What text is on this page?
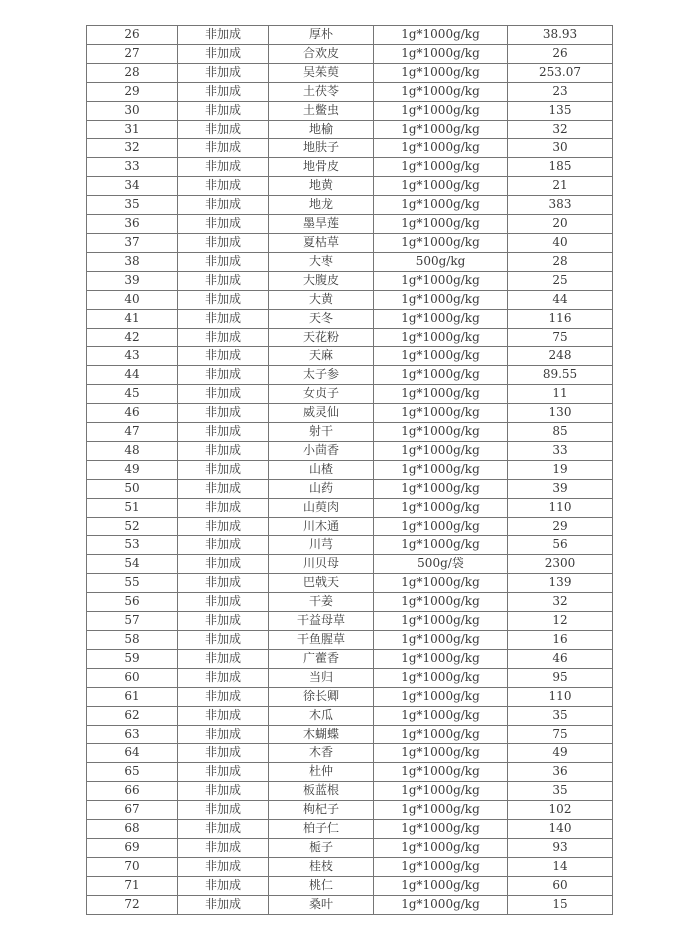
26	非加成	厚朴	1g*1000g/kg	38.93
27	非加成	合欢皮	1g*1000g/kg	26
28	非加成	吴茱萸	1g*1000g/kg	253.07
29	非加成	土茯苓	1g*1000g/kg	23
30	非加成	土鳖虫	1g*1000g/kg	135
31	非加成	地榆	1g*1000g/kg	32
32	非加成	地肤子	1g*1000g/kg	30
33	非加成	地骨皮	1g*1000g/kg	185
34	非加成	地黄	1g*1000g/kg	21
35	非加成	地龙	1g*1000g/kg	383
36	非加成	墨旱莲	1g*1000g/kg	20
37	非加成	夏枯草	1g*1000g/kg	40
38	非加成	大枣	500g/kg	28
39	非加成	大腹皮	1g*1000g/kg	25
40	非加成	大黄	1g*1000g/kg	44
41	非加成	天冬	1g*1000g/kg	116
42	非加成	天花粉	1g*1000g/kg	75
43	非加成	天麻	1g*1000g/kg	248
44	非加成	太子参	1g*1000g/kg	89.55
45	非加成	女贞子	1g*1000g/kg	11
46	非加成	威灵仙	1g*1000g/kg	130
47	非加成	射干	1g*1000g/kg	85
48	非加成	小茴香	1g*1000g/kg	33
49	非加成	山楂	1g*1000g/kg	19
50	非加成	山药	1g*1000g/kg	39
51	非加成	山萸肉	1g*1000g/kg	110
52	非加成	川木通	1g*1000g/kg	29
53	非加成	川芎	1g*1000g/kg	56
54	非加成	川贝母	500g/袋	2300
55	非加成	巴戟天	1g*1000g/kg	139
56	非加成	干姜	1g*1000g/kg	32
57	非加成	干益母草	1g*1000g/kg	12
58	非加成	干鱼腥草	1g*1000g/kg	16
59	非加成	广藿香	1g*1000g/kg	46
60	非加成	当归	1g*1000g/kg	95
61	非加成	徐长卿	1g*1000g/kg	110
62	非加成	木瓜	1g*1000g/kg	35
63	非加成	木蝴蝶	1g*1000g/kg	75
64	非加成	木香	1g*1000g/kg	49
65	非加成	杜仲	1g*1000g/kg	36
66	非加成	板蓝根	1g*1000g/kg	35
67	非加成	枸杞子	1g*1000g/kg	102
68	非加成	柏子仁	1g*1000g/kg	140
69	非加成	栀子	1g*1000g/kg	93
70	非加成	桂枝	1g*1000g/kg	14
71	非加成	桃仁	1g*1000g/kg	60
72	非加成	桑叶	1g*1000g/kg	15
